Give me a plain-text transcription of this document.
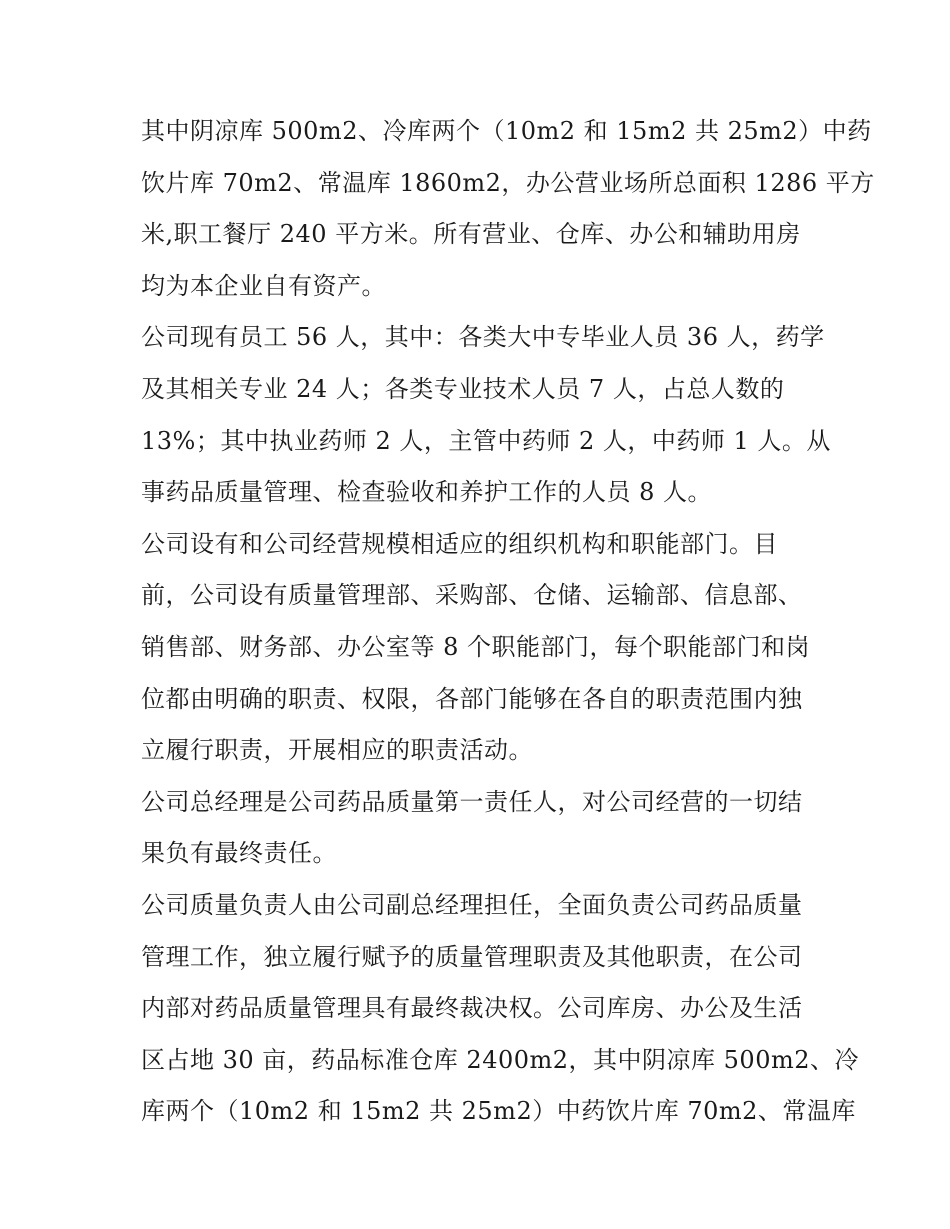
其中阴凉库 500m2、冷库两个（10m2 和 15m2 共 25m2）中药
饮片库 70m2、常温库 1860m2，办公营业场所总面积 1286 平方
米,职工餐厅 240 平方米。所有营业、仓库、办公和辅助用房
均为本企业自有资产。
公司现有员工 56 人，其中：各类大中专毕业人员 36 人，药学
及其相关专业 24 人；各类专业技术人员 7 人，占总人数的
13%；其中执业药师 2 人，主管中药师 2 人，中药师 1 人。从
事药品质量管理、检查验收和养护工作的人员 8 人。
公司设有和公司经营规模相适应的组织机构和职能部门。目
前，公司设有质量管理部、采购部、仓储、运输部、信息部、
销售部、财务部、办公室等 8 个职能部门，每个职能部门和岗
位都由明确的职责、权限，各部门能够在各自的职责范围内独
立履行职责，开展相应的职责活动。
公司总经理是公司药品质量第一责任人，对公司经营的一切结
果负有最终责任。
公司质量负责人由公司副总经理担任，全面负责公司药品质量
管理工作，独立履行赋予的质量管理职责及其他职责，在公司
内部对药品质量管理具有最终裁决权。公司库房、办公及生活
区占地 30 亩，药品标准仓库 2400m2，其中阴凉库 500m2、冷
库两个（10m2 和 15m2 共 25m2）中药饮片库 70m2、常温库
